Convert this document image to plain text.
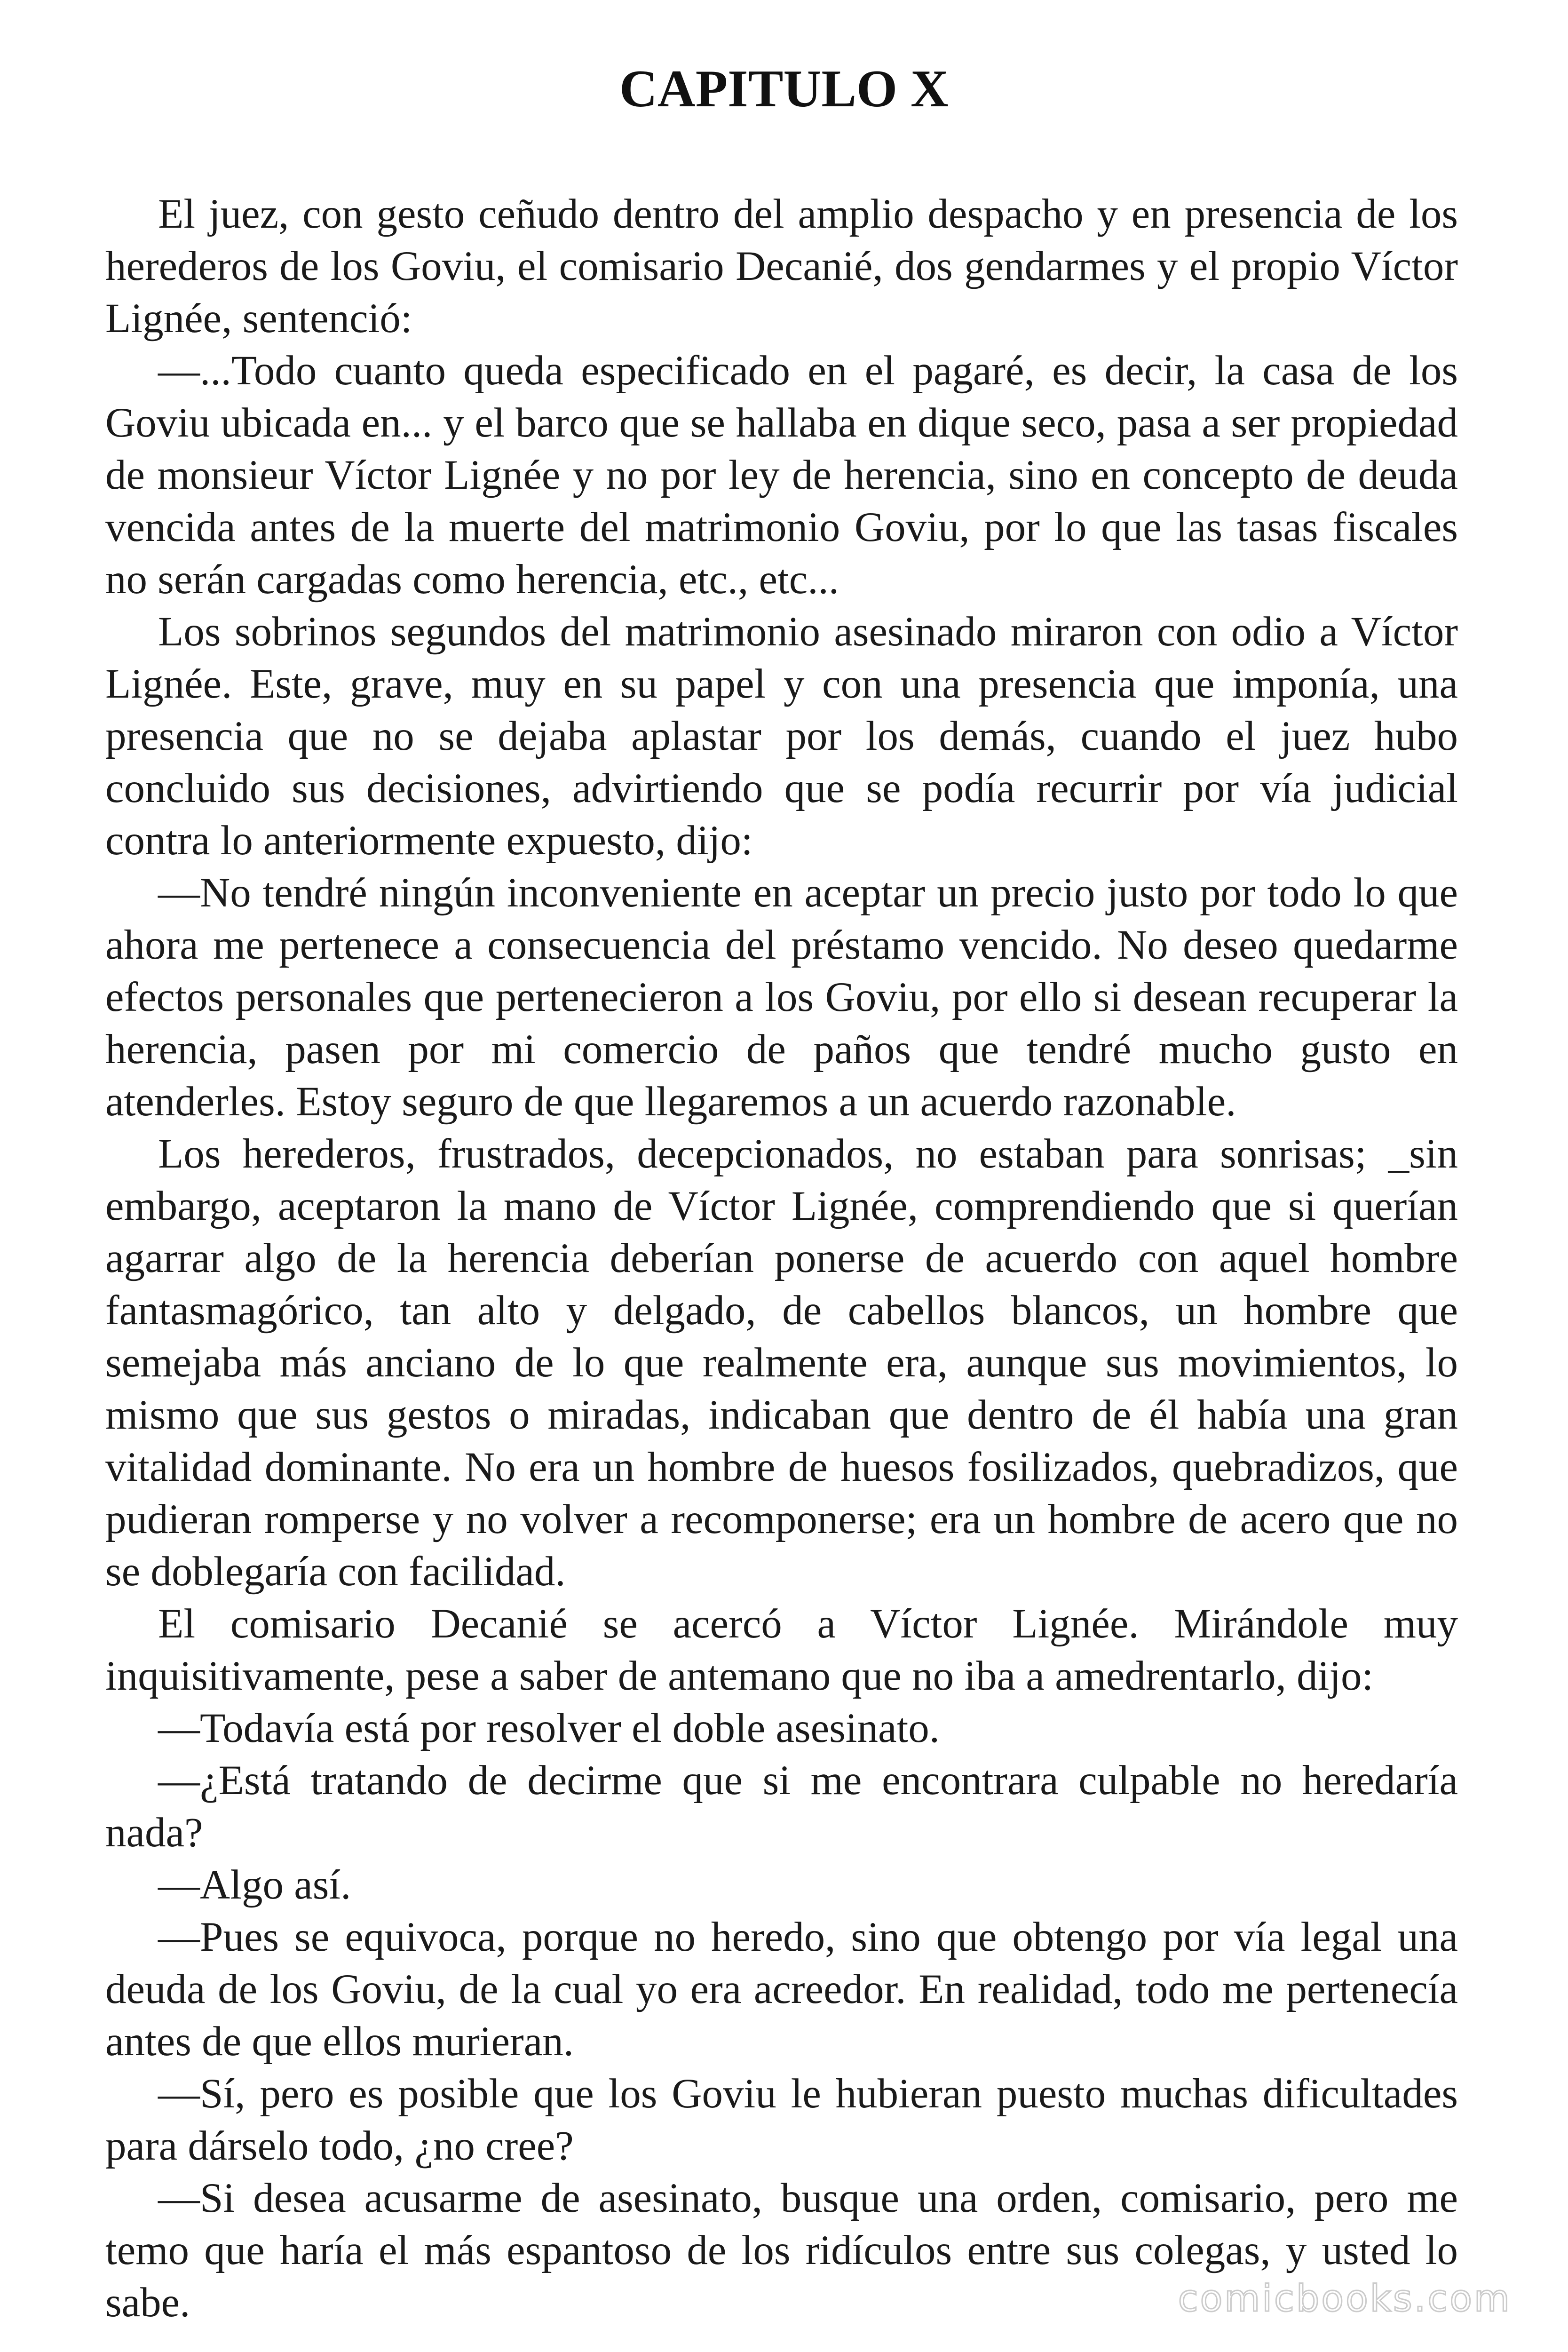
CAPITULO X

El juez, con gesto ceñudo dentro del amplio despacho y en presencia de los herederos de los Goviu, el comisario Decanié, dos gendarmes y el propio Víctor Lignée, sentenció:

—...Todo cuanto queda especificado en el pagaré, es decir, la casa de los Goviu ubicada en... y el barco que se hallaba en dique seco, pasa a ser propiedad de monsieur Víctor Lignée y no por ley de herencia, sino en concepto de deuda vencida antes de la muerte del matrimonio Goviu, por lo que las tasas fiscales no serán cargadas como herencia, etc., etc...

Los sobrinos segundos del matrimonio asesinado miraron con odio a Víctor Lignée. Este, grave, muy en su papel y con una presencia que imponía, una presencia que no se dejaba aplastar por los demás, cuando el juez hubo concluido sus decisiones, advirtiendo que se podía recurrir por vía judicial contra lo anteriormente expuesto, dijo:

—No tendré ningún inconveniente en aceptar un precio justo por todo lo que ahora me pertenece a consecuencia del préstamo vencido. No deseo quedarme efectos personales que pertenecieron a los Goviu, por ello si desean recuperar la herencia, pasen por mi comercio de paños que tendré mucho gusto en atenderles. Estoy seguro de que llegaremos a un acuerdo razonable.

Los herederos, frustrados, decepcionados, no estaban para sonrisas; _sin embargo, aceptaron la mano de Víctor Lignée, comprendiendo que si querían agarrar algo de la herencia deberían ponerse de acuerdo con aquel hombre fantasmagórico, tan alto y delgado, de cabellos blancos, un hombre que semejaba más anciano de lo que realmente era, aunque sus movimientos, lo mismo que sus gestos o miradas, indicaban que dentro de él había una gran vitalidad dominante. No era un hombre de huesos fosilizados, quebradizos, que pudieran romperse y no volver a recomponerse; era un hombre de acero que no se doblegaría con facilidad.

El comisario Decanié se acercó a Víctor Lignée. Mirándole muy inquisitivamente, pese a saber de antemano que no iba a amedrentarlo, dijo:

—Todavía está por resolver el doble asesinato.

—¿Está tratando de decirme que si me encontrara culpable no heredaría nada?

—Algo así.

—Pues se equivoca, porque no heredo, sino que obtengo por vía legal una deuda de los Goviu, de la cual yo era acreedor. En realidad, todo me pertenecía antes de que ellos murieran.

—Sí, pero es posible que los Goviu le hubieran puesto muchas dificultades para dárselo todo, ¿no cree?

—Si desea acusarme de asesinato, busque una orden, comisario, pero me temo que haría el más espantoso de los ridículos entre sus colegas, y usted lo sabe.	comicbooks.com
